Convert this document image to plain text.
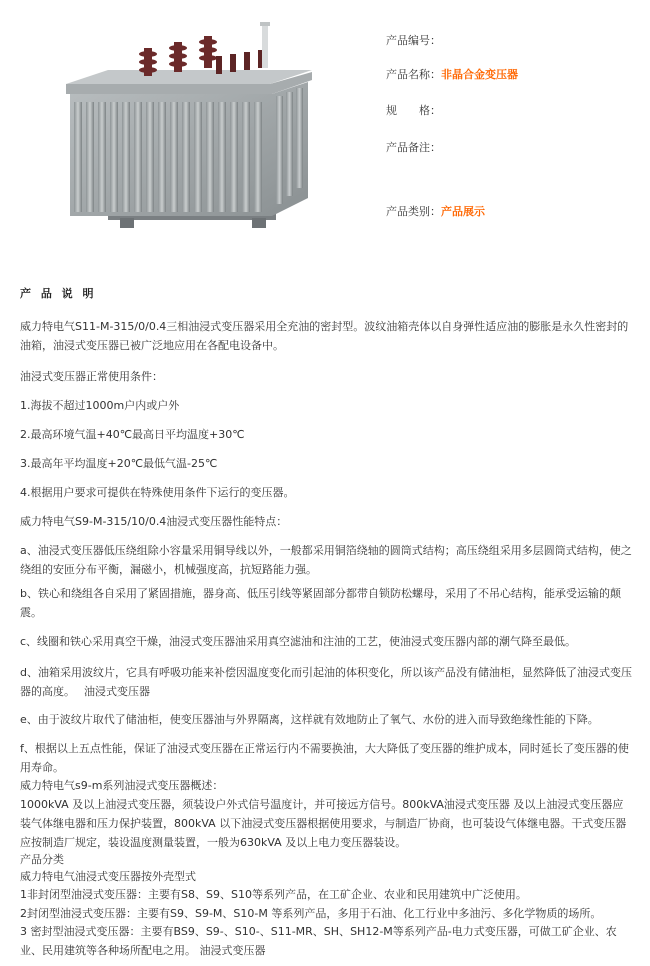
产品编号：
产品名称：非晶合金变压器
规　　格：
产品备注：
产品类别：产品展示
产 品 说 明
威力特电气S11-M-315/0/0.4三相油浸式变压器采用全充油的密封型。波纹油箱壳体以自身弹性适应油的膨胀是永久性密封的油箱，油浸式变压器已被广泛地应用在各配电设备中。
油浸式变压器正常使用条件：
1.海拔不超过1000m户内或户外
2.最高环境气温+40℃最高日平均温度+30℃
3.最高年平均温度+20℃最低气温-25℃
4.根据用户要求可提供在特殊使用条件下运行的变压器。
威力特电气S9-M-315/10/0.4油浸式变压器性能特点：
a、油浸式变压器低压绕组除小容量采用铜导线以外，一般都采用铜箔绕轴的圆筒式结构；高压绕组采用多层圆筒式结构，使之绕组的安匝分布平衡，漏磁小，机械强度高，抗短路能力强。
b、铁心和绕组各自采用了紧固措施，器身高、低压引线等紧固部分都带自锁防松螺母，采用了不吊心结构，能承受运输的颠震。
c、线圈和铁心采用真空干燥，油浸式变压器油采用真空滤油和注油的工艺，使油浸式变压器内部的潮气降至最低。
d、油箱采用波纹片，它具有呼吸功能来补偿因温度变化而引起油的体积变化，所以该产品没有储油柜，显然降低了油浸式变压器的高度。　 油浸式变压器
e、由于波纹片取代了储油柜，使变压器油与外界隔离，这样就有效地防止了氧气、水份的进入而导致绝缘性能的下降。
f、根据以上五点性能，保证了油浸式变压器在正常运行内不需要换油，大大降低了变压器的维护成本，同时延长了变压器的使用寿命。
威力特电气s9-m系列油浸式变压器概述：
1000kVA 及以上油浸式变压器，须装设户外式信号温度计，并可接远方信号。800kVA油浸式变压器 及以上油浸式变压器应装气体继电器和压力保护装置，800kVA 以下油浸式变压器根据使用要求，与制造厂协商，也可装设气体继电器。干式变压器应按制造厂规定，装设温度测量装置，一般为630kVA 及以上电力变压器装设。
产品分类
威力特电气油浸式变压器按外壳型式
1非封闭型油浸式变压器：主要有S8、S9、S10等系列产品，在工矿企业、农业和民用建筑中广泛使用。
2封闭型油浸式变压器：主要有S9、S9-M、S10-M 等系列产品，多用于石油、化工行业中多油污、多化学物质的场所。
3 密封型油浸式变压器：主要有BS9、S9-、S10-、S11-MR、SH、SH12-M等系列产品-电力式变压器，可做工矿企业、农业、民用建筑等各种场所配电之用。 油浸式变压器
